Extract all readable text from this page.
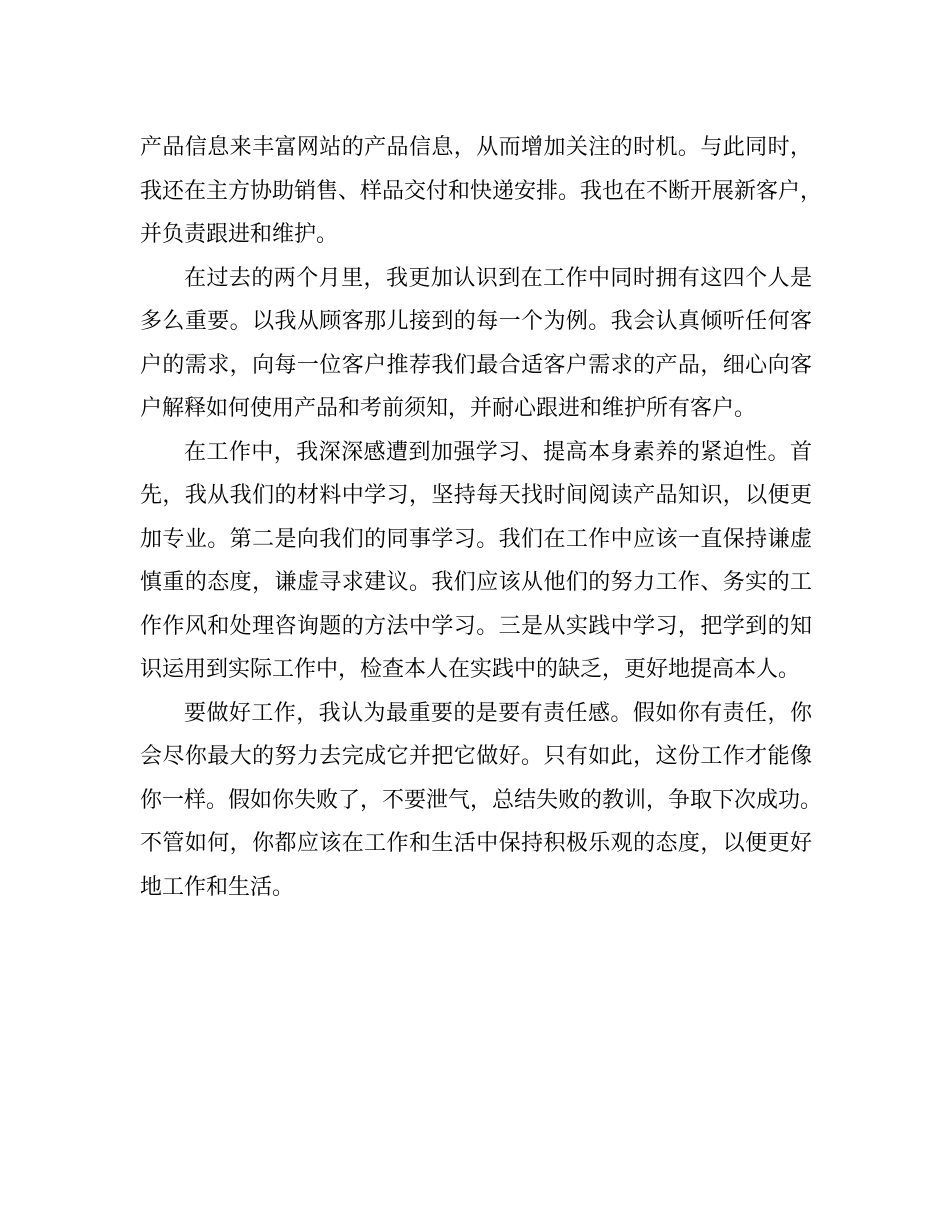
产品信息来丰富网站的产品信息，从而增加关注的时机。与此同时，
我还在主方协助销售、样品交付和快递安排。我也在不断开展新客户，
并负责跟进和维护。
在过去的两个月里，我更加认识到在工作中同时拥有这四个人是
多么重要。以我从顾客那儿接到的每一个为例。我会认真倾听任何客
户的需求，向每一位客户推荐我们最合适客户需求的产品，细心向客
户解释如何使用产品和考前须知，并耐心跟进和维护所有客户。
在工作中，我深深感遭到加强学习、提高本身素养的紧迫性。首
先，我从我们的材料中学习，坚持每天找时间阅读产品知识，以便更
加专业。第二是向我们的同事学习。我们在工作中应该一直保持谦虚
慎重的态度，谦虚寻求建议。我们应该从他们的努力工作、务实的工
作作风和处理咨询题的方法中学习。三是从实践中学习，把学到的知
识运用到实际工作中，检查本人在实践中的缺乏，更好地提高本人。
要做好工作，我认为最重要的是要有责任感。假如你有责任，你
会尽你最大的努力去完成它并把它做好。只有如此，这份工作才能像
你一样。假如你失败了，不要泄气，总结失败的教训，争取下次成功。
不管如何，你都应该在工作和生活中保持积极乐观的态度，以便更好
地工作和生活。
